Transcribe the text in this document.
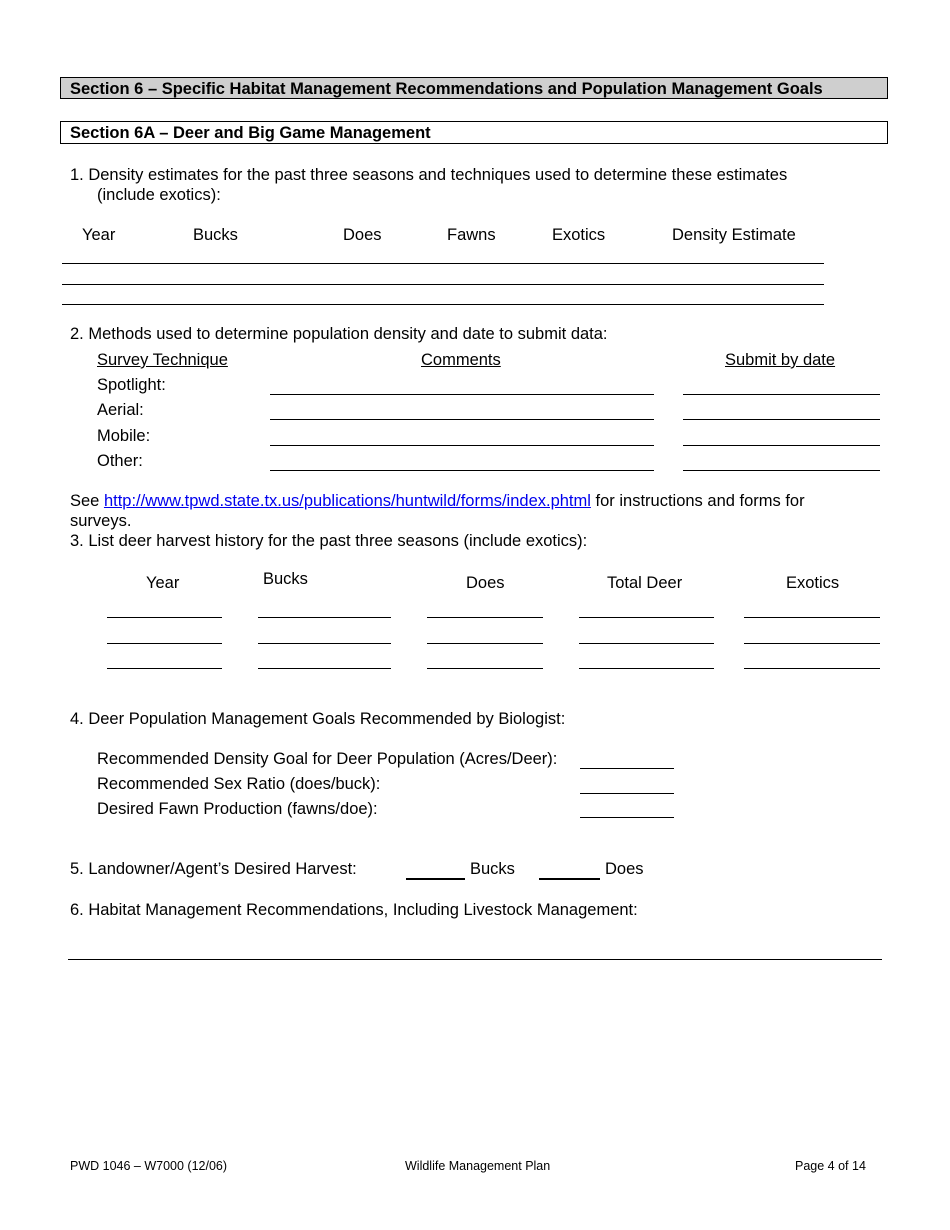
Section 6 – Specific Habitat Management Recommendations and Population Management Goals
Section 6A – Deer and Big Game Management
1. Density estimates for the past three seasons and techniques used to determine these estimates
(include exotics):
Year	Bucks	Does	Fawns	Exotics	Density Estimate
2. Methods used to determine population density and date to submit data:
Survey Technique	Comments	Submit by date
Spotlight:
Aerial:
Mobile:
Other:
See http://www.tpwd.state.tx.us/publications/huntwild/forms/index.phtml for instructions and forms for
surveys.
3. List deer harvest history for the past three seasons (include exotics):
Year	Bucks	Does	Total Deer	Exotics
4. Deer Population Management Goals Recommended by Biologist:
Recommended Density Goal for Deer Population (Acres/Deer):
Recommended Sex Ratio (does/buck):
Desired Fawn Production (fawns/doe):
5. Landowner/Agent’s Desired Harvest:	Bucks	Does
6. Habitat Management Recommendations, Including Livestock Management:
PWD 1046 – W7000 (12/06)	Wildlife Management Plan	Page 4 of 14
